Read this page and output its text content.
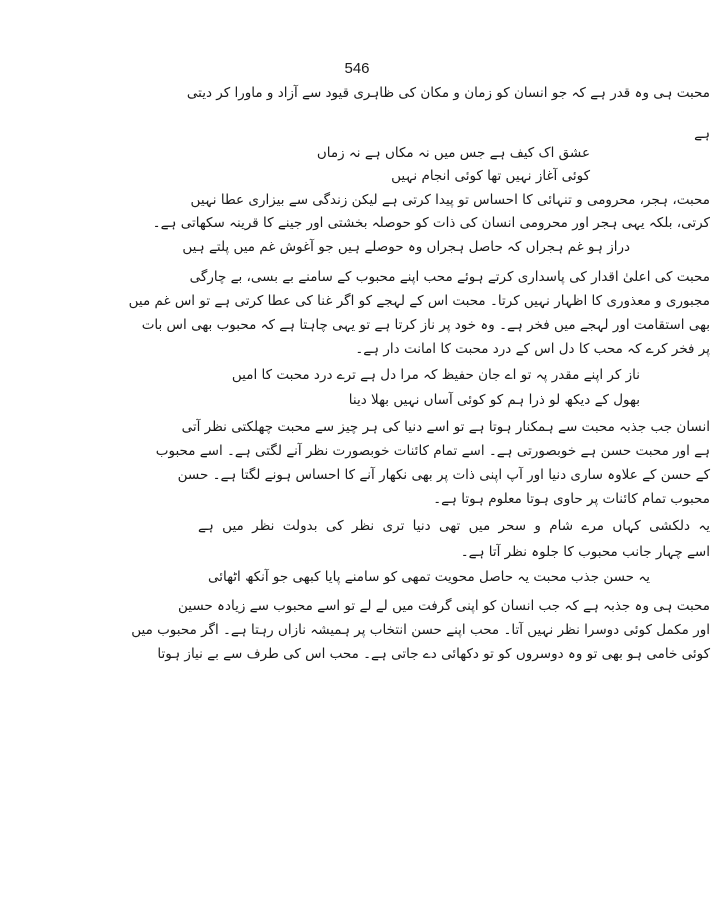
546
محبت ہی وہ قدر ہے کہ جو انسان کو زمان و مکان کی ظاہری قیود سے آزاد و ماورا کر دیتی
ہے
عشق اک کیف ہے جس میں نہ مکاں ہے نہ زماں
کوئی آغاز نہیں تھا کوئی انجام نہیں
محبت، ہجر، محرومی و تنہائی کا احساس تو پیدا کرتی ہے لیکن زندگی سے بیزاری عطا نہیں
کرتی، بلکہ یہی ہجر اور محرومی انسان کی ذات کو حوصلہ بخشتی اور جینے کا قرینہ سکھاتی ہے۔
دراز ہو غم ہجراں کہ حاصل ہجراں وہ حوصلے ہیں جو آغوش غم میں پلتے ہیں
محبت کی اعلیٰ اقدار کی پاسداری کرتے ہوئے محب اپنے محبوب کے سامنے بے بسی، بے چارگی
مجبوری و معذوری کا اظہار نہیں کرتا۔ محبت اس کے لہجے کو اگر غنا کی عطا کرتی ہے تو اس غم میں
بھی استقامت اور لہجے میں فخر ہے۔ وہ خود پر ناز کرتا ہے تو یہی چاہتا ہے کہ محبوب بھی اس بات
پر فخر کرے کہ محب کا دل اس کے درد محبت کا امانت دار ہے۔
ناز کر اپنے مقدر پہ تو اے جان حفیظ کہ مرا دل ہے ترے درد محبت کا امیں
بھول کے دیکھ لو ذرا ہم کو کوئی آساں نہیں بھلا دینا
انسان جب جذبہ محبت سے ہمکنار ہوتا ہے تو اسے دنیا کی ہر چیز سے محبت چھلکتی نظر آتی
ہے اور محبت حسن ہے خوبصورتی ہے۔ اسے تمام کائنات خوبصورت نظر آنے لگتی ہے۔ اسے محبوب
کے حسن کے علاوہ ساری دنیا اور آپ اپنی ذات پر بھی نکھار آنے کا احساس ہونے لگتا ہے۔ حسن
محبوب تمام کائنات پر حاوی ہوتا معلوم ہوتا ہے۔
یہ دلکشی کہاں مرے شام و سحر میں تھی دنیا تری نظر کی بدولت نظر میں ہے
اسے چہار جانب محبوب کا جلوہ نظر آتا ہے۔
یہ حسن جذب محبت یہ حاصل محویت تمھی کو سامنے پایا کبھی جو آنکھ اٹھائی
محبت ہی وہ جذبہ ہے کہ جب انسان کو اپنی گرفت میں لے لے تو اسے محبوب سے زیادہ حسین
اور مکمل کوئی دوسرا نظر نہیں آتا۔ محب اپنے حسن انتخاب پر ہمیشہ نازاں رہتا ہے۔ اگر محبوب میں
کوئی خامی ہو بھی تو وہ دوسروں کو تو دکھائی دے جاتی ہے۔ محب اس کی طرف سے بے نیاز ہوتا
